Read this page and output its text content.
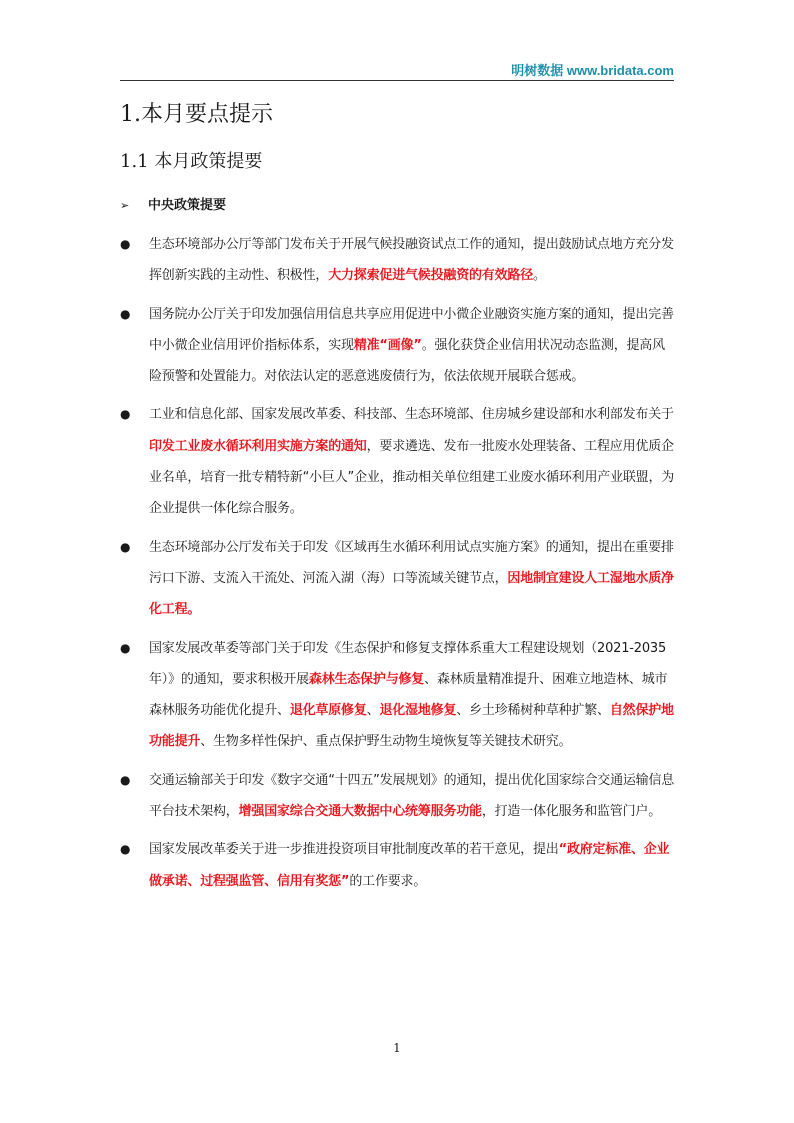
明树数据 www.bridata.com
1.本月要点提示
1.1 本月政策提要
➢ 中央政策提要
● 生态环境部办公厅等部门发布关于开展气候投融资试点工作的通知，提出鼓励试点地方充分发挥创新实践的主动性、积极性，大力探索促进气候投融资的有效路径。
● 国务院办公厅关于印发加强信用信息共享应用促进中小微企业融资实施方案的通知，提出完善中小微企业信用评价指标体系，实现精准“画像”。强化获贷企业信用状况动态监测，提高风险预警和处置能力。对依法认定的恶意逃废债行为，依法依规开展联合惩戒。
● 工业和信息化部、国家发展改革委、科技部、生态环境部、住房城乡建设部和水利部发布关于印发工业废水循环利用实施方案的通知，要求遴选、发布一批废水处理装备、工程应用优质企业名单，培育一批专精特新“小巨人”企业，推动相关单位组建工业废水循环利用产业联盟，为企业提供一体化综合服务。
● 生态环境部办公厅发布关于印发《区域再生水循环利用试点实施方案》的通知，提出在重要排污口下游、支流入干流处、河流入湖（海）口等流域关键节点，因地制宜建设人工湿地水质净化工程。
● 国家发展改革委等部门关于印发《生态保护和修复支撑体系重大工程建设规划（2021-2035 年）》的通知，要求积极开展森林生态保护与修复、森林质量精准提升、困难立地造林、城市森林服务功能优化提升、退化草原修复、退化湿地修复、乡土珍稀树种草种扩繁、自然保护地功能提升、生物多样性保护、重点保护野生动物生境恢复等关键技术研究。
● 交通运输部关于印发《数字交通“十四五”发展规划》的通知，提出优化国家综合交通运输信息平台技术架构，增强国家综合交通大数据中心统筹服务功能，打造一体化服务和监管门户。
● 国家发展改革委关于进一步推进投资项目审批制度改革的若干意见，提出“政府定标准、企业做承诺、过程强监管、信用有奖惩”的工作要求。
1
